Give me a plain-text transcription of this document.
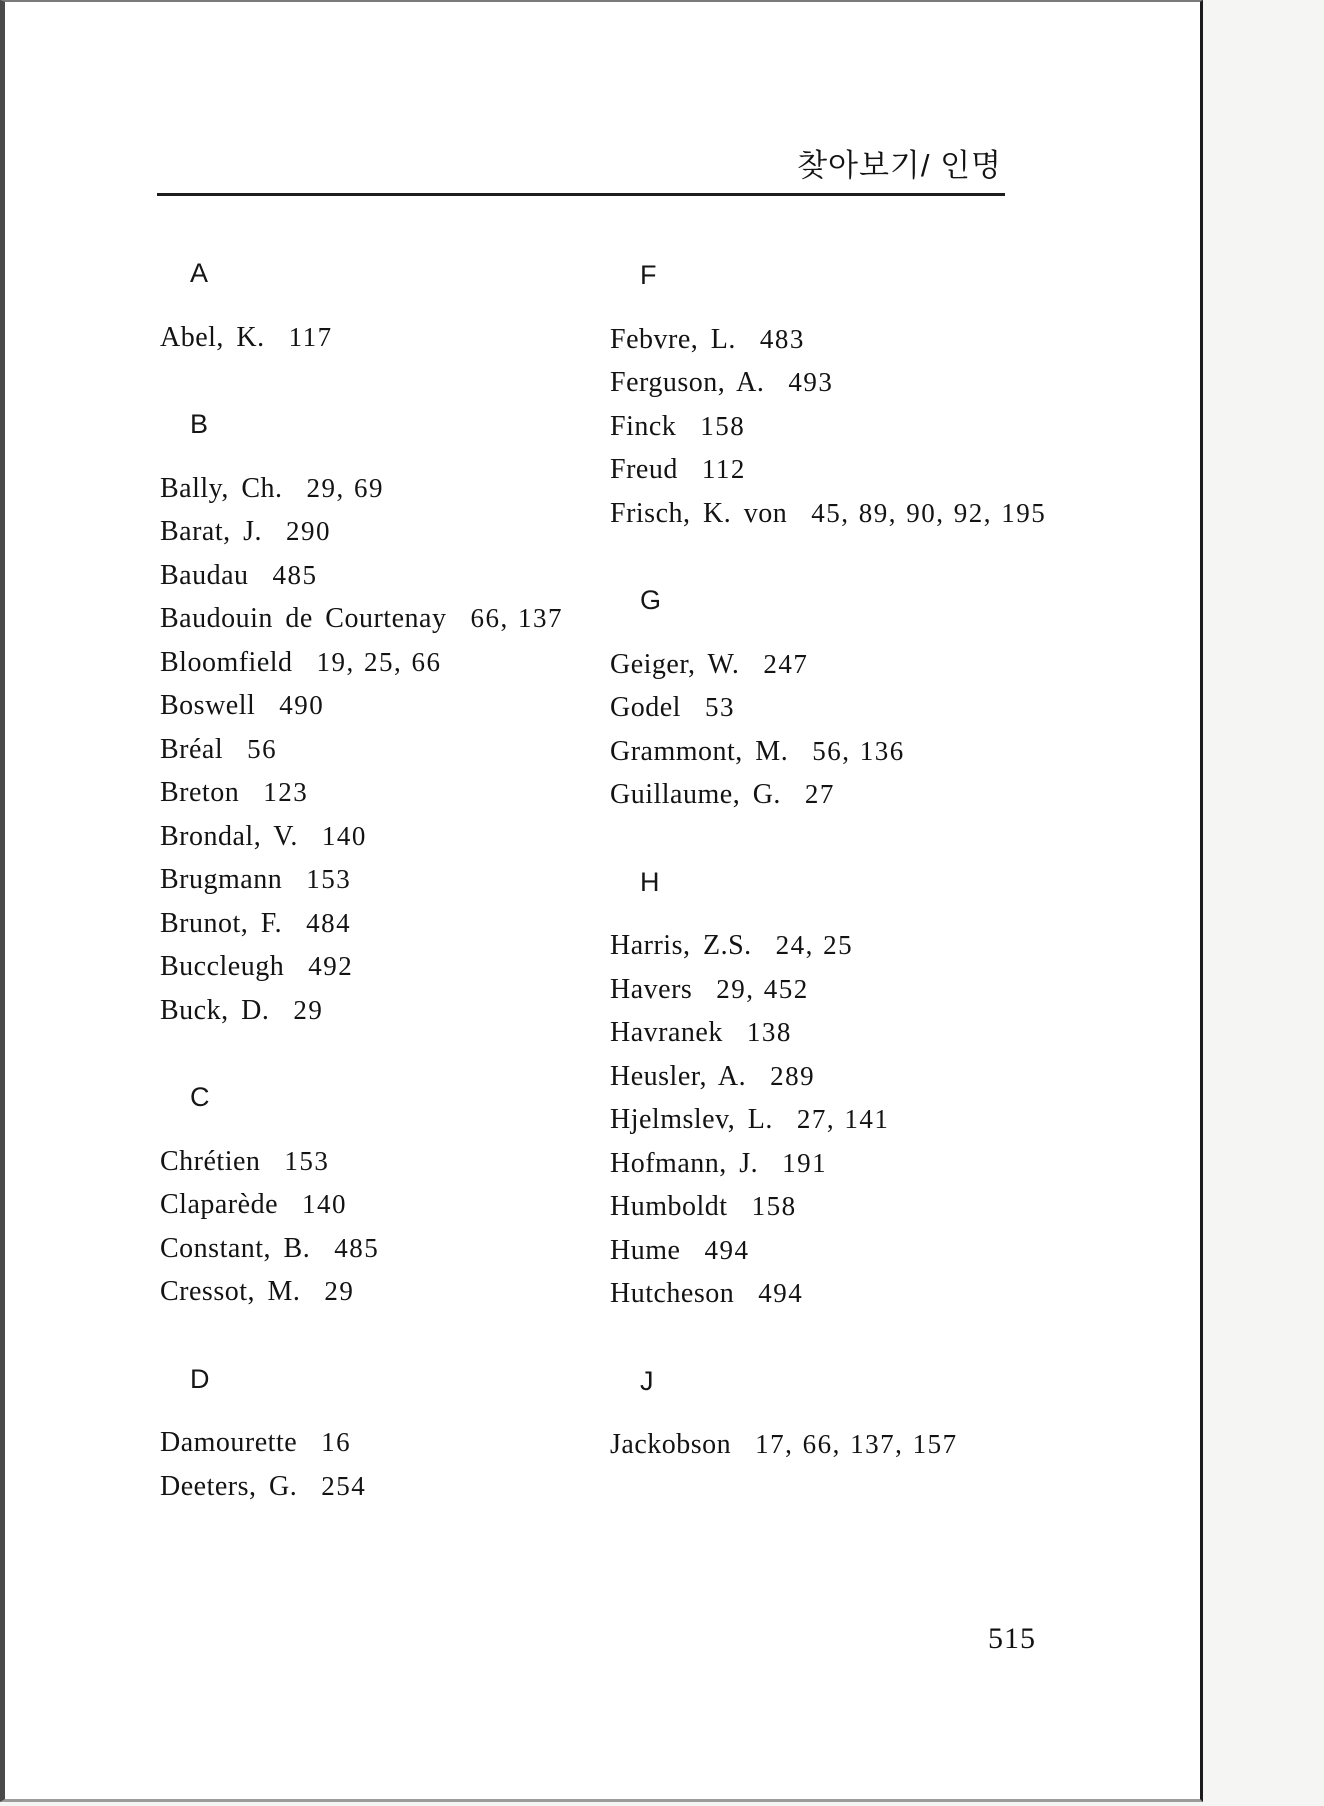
찾아보기/ 인명
A
Abel, K. 117
B
Bally, Ch. 29, 69
Barat, J. 290
Baudau 485
Baudouin de Courtenay 66, 137
Bloomfield 19, 25, 66
Boswell 490
Bréal 56
Breton 123
Brondal, V. 140
Brugmann 153
Brunot, F. 484
Buccleugh 492
Buck, D. 29
C
Chrétien 153
Claparède 140
Constant, B. 485
Cressot, M. 29
D
Damourette 16
Deeters, G. 254
F
Febvre, L. 483
Ferguson, A. 493
Finck 158
Freud 112
Frisch, K. von 45, 89, 90, 92, 195
G
Geiger, W. 247
Godel 53
Grammont, M. 56, 136
Guillaume, G. 27
H
Harris, Z.S. 24, 25
Havers 29, 452
Havranek 138
Heusler, A. 289
Hjelmslev, L. 27, 141
Hofmann, J. 191
Humboldt 158
Hume 494
Hutcheson 494
J
Jackobson 17, 66, 137, 157
515
